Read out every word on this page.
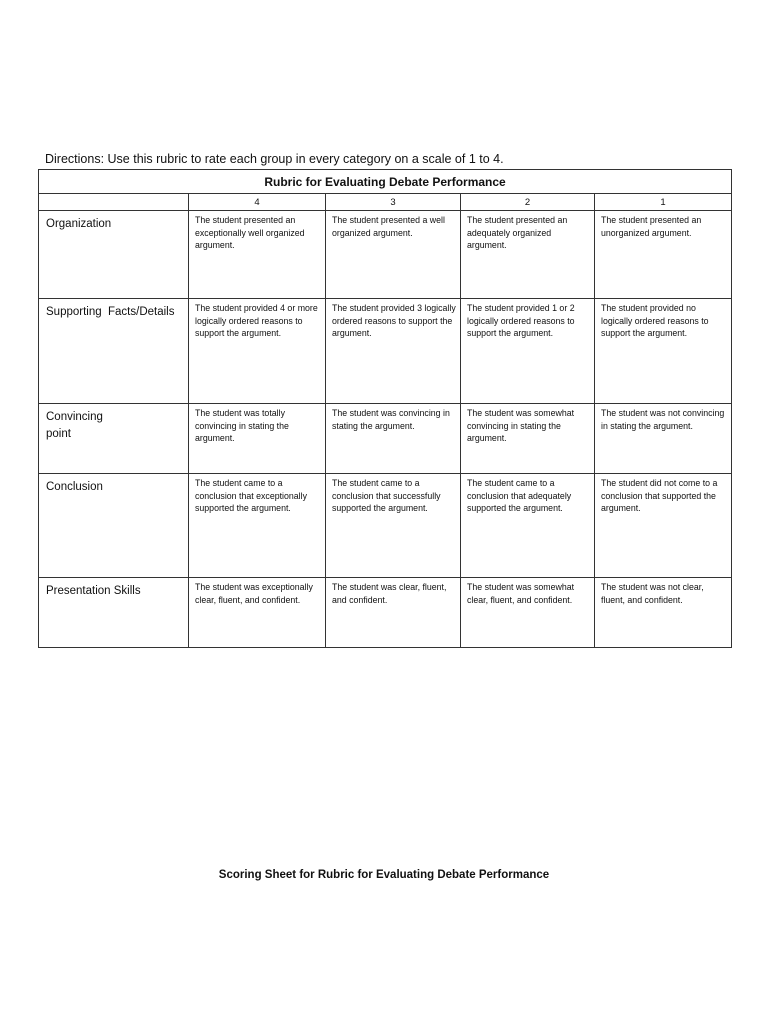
Directions: Use this rubric to rate each group in every category on a scale of 1 to 4.
Rubric for Evaluating Debate Performance				
	4	3	2	1
Organization	The student presented an exceptionally well organized argument.	The student presented a well organized argument.	The student presented an adequately organized argument.	The student presented an unorganized argument.
Supporting  Facts/Details	The student provided 4 or more logically ordered reasons to support the argument.	The student provided 3 logically ordered reasons to support the argument.	The student provided 1 or 2 logically ordered reasons to support the argument.	The student provided no logically ordered reasons to support the argument.
Convincing point	The student was totally convincing in stating the argument.	The student was convincing in stating the argument.	The student was somewhat convincing in stating the argument.	The student was not convincing in stating the argument.
Conclusion	The student came to a conclusion that exceptionally supported the argument.	The student came to a conclusion that successfully supported the argument.	The student came to a conclusion that adequately supported the argument.	The student did not come to a conclusion that supported the argument.
Presentation Skills	The student was exceptionally clear, fluent, and confident.	The student was clear, fluent, and confident.	The student was somewhat clear, fluent, and confident.	The student was not clear, fluent, and confident.
Scoring Sheet for Rubric for Evaluating Debate Performance
